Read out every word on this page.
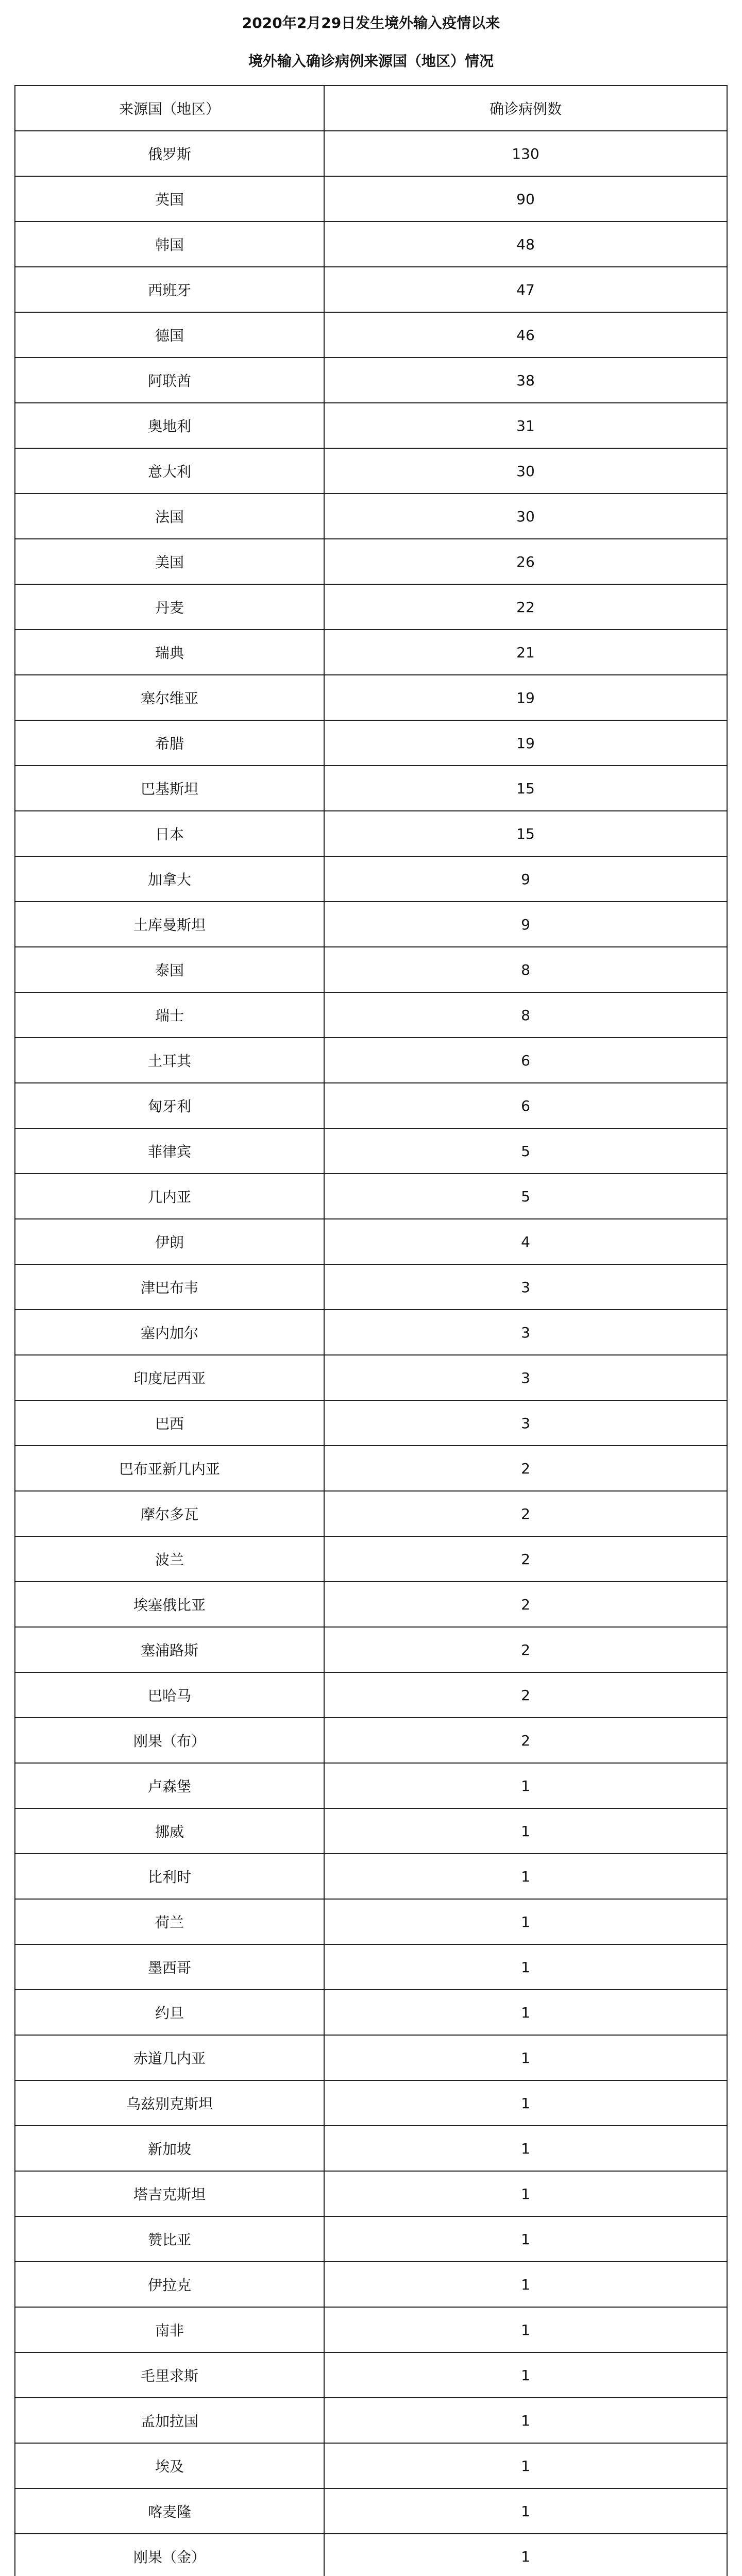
2020年2月29日发生境外输入疫情以来
境外输入确诊病例来源国（地区）情况
来源国（地区）	确诊病例数
俄罗斯	130
英国	90
韩国	48
西班牙	47
德国	46
阿联酋	38
奥地利	31
意大利	30
法国	30
美国	26
丹麦	22
瑞典	21
塞尔维亚	19
希腊	19
巴基斯坦	15
日本	15
加拿大	9
土库曼斯坦	9
泰国	8
瑞士	8
土耳其	6
匈牙利	6
菲律宾	5
几内亚	5
伊朗	4
津巴布韦	3
塞内加尔	3
印度尼西亚	3
巴西	3
巴布亚新几内亚	2
摩尔多瓦	2
波兰	2
埃塞俄比亚	2
塞浦路斯	2
巴哈马	2
刚果（布）	2
卢森堡	1
挪威	1
比利时	1
荷兰	1
墨西哥	1
约旦	1
赤道几内亚	1
乌兹别克斯坦	1
新加坡	1
塔吉克斯坦	1
赞比亚	1
伊拉克	1
南非	1
毛里求斯	1
孟加拉国	1
埃及	1
喀麦隆	1
刚果（金）	1
